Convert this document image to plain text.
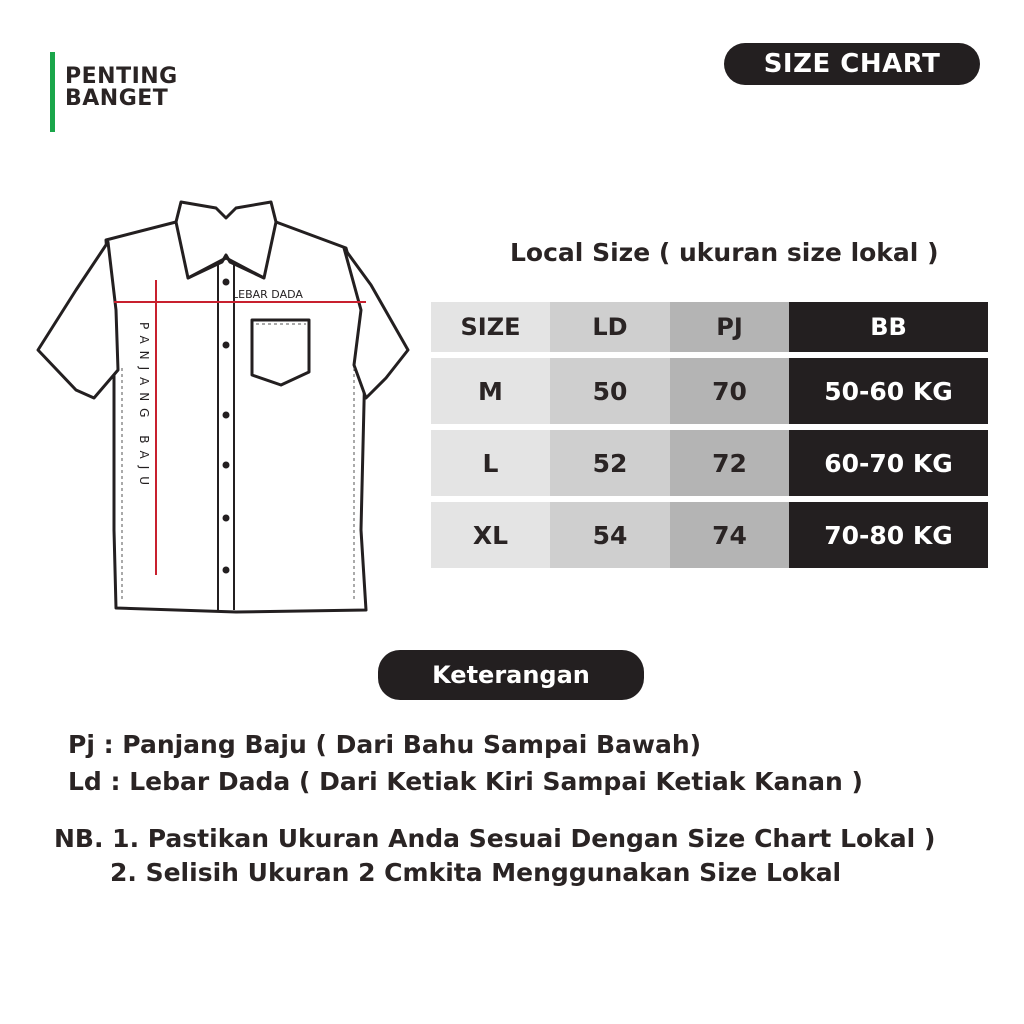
PENTING
BANGET
SIZE CHART
LEBAR DADA
PANJANG BAJU
Local Size ( ukuran size lokal )
SIZE	LD	PJ	BB
M	50	70	50-60 KG
L	52	72	60-70 KG
XL	54	74	70-80 KG
Keterangan
Pj : Panjang Baju ( Dari Bahu Sampai Bawah)
Ld : Lebar Dada ( Dari Ketiak Kiri Sampai Ketiak Kanan )
NB. 1. Pastikan Ukuran Anda Sesuai Dengan Size Chart Lokal )
2. Selisih Ukuran 2 Cmkita Menggunakan Size Lokal
